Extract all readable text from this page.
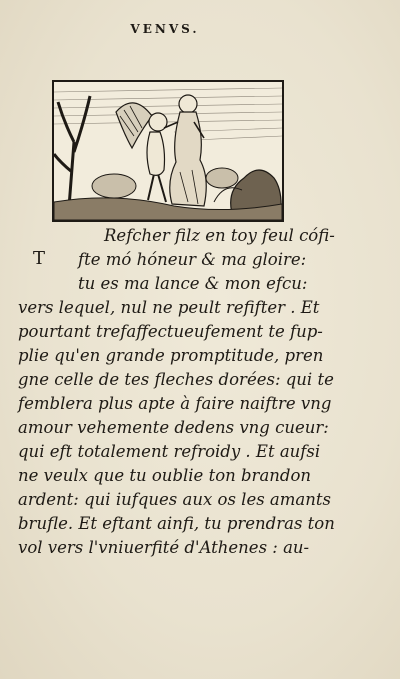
VENVS.
T
Refcher filz en toy feul cófi-
fte mó hóneur & ma gloire:
tu es ma lance & mon efcu:
vers lequel, nul ne peult refifter . Et
pourtant trefaffectueufement te fup-
plie qu'en grande promptitude, pren
gne celle de tes fleches dorées: qui te
femblera plus apte à faire naiftre vng
amour vehemente dedens vng cueur:
qui eft totalement refroidy . Et aufsi
ne veulx que tu oublie ton brandon
ardent: qui iufques aux os les amants
brufle. Et eftant ainfi, tu prendras ton
vol vers l'vniuerfité d'Athenes : au-
